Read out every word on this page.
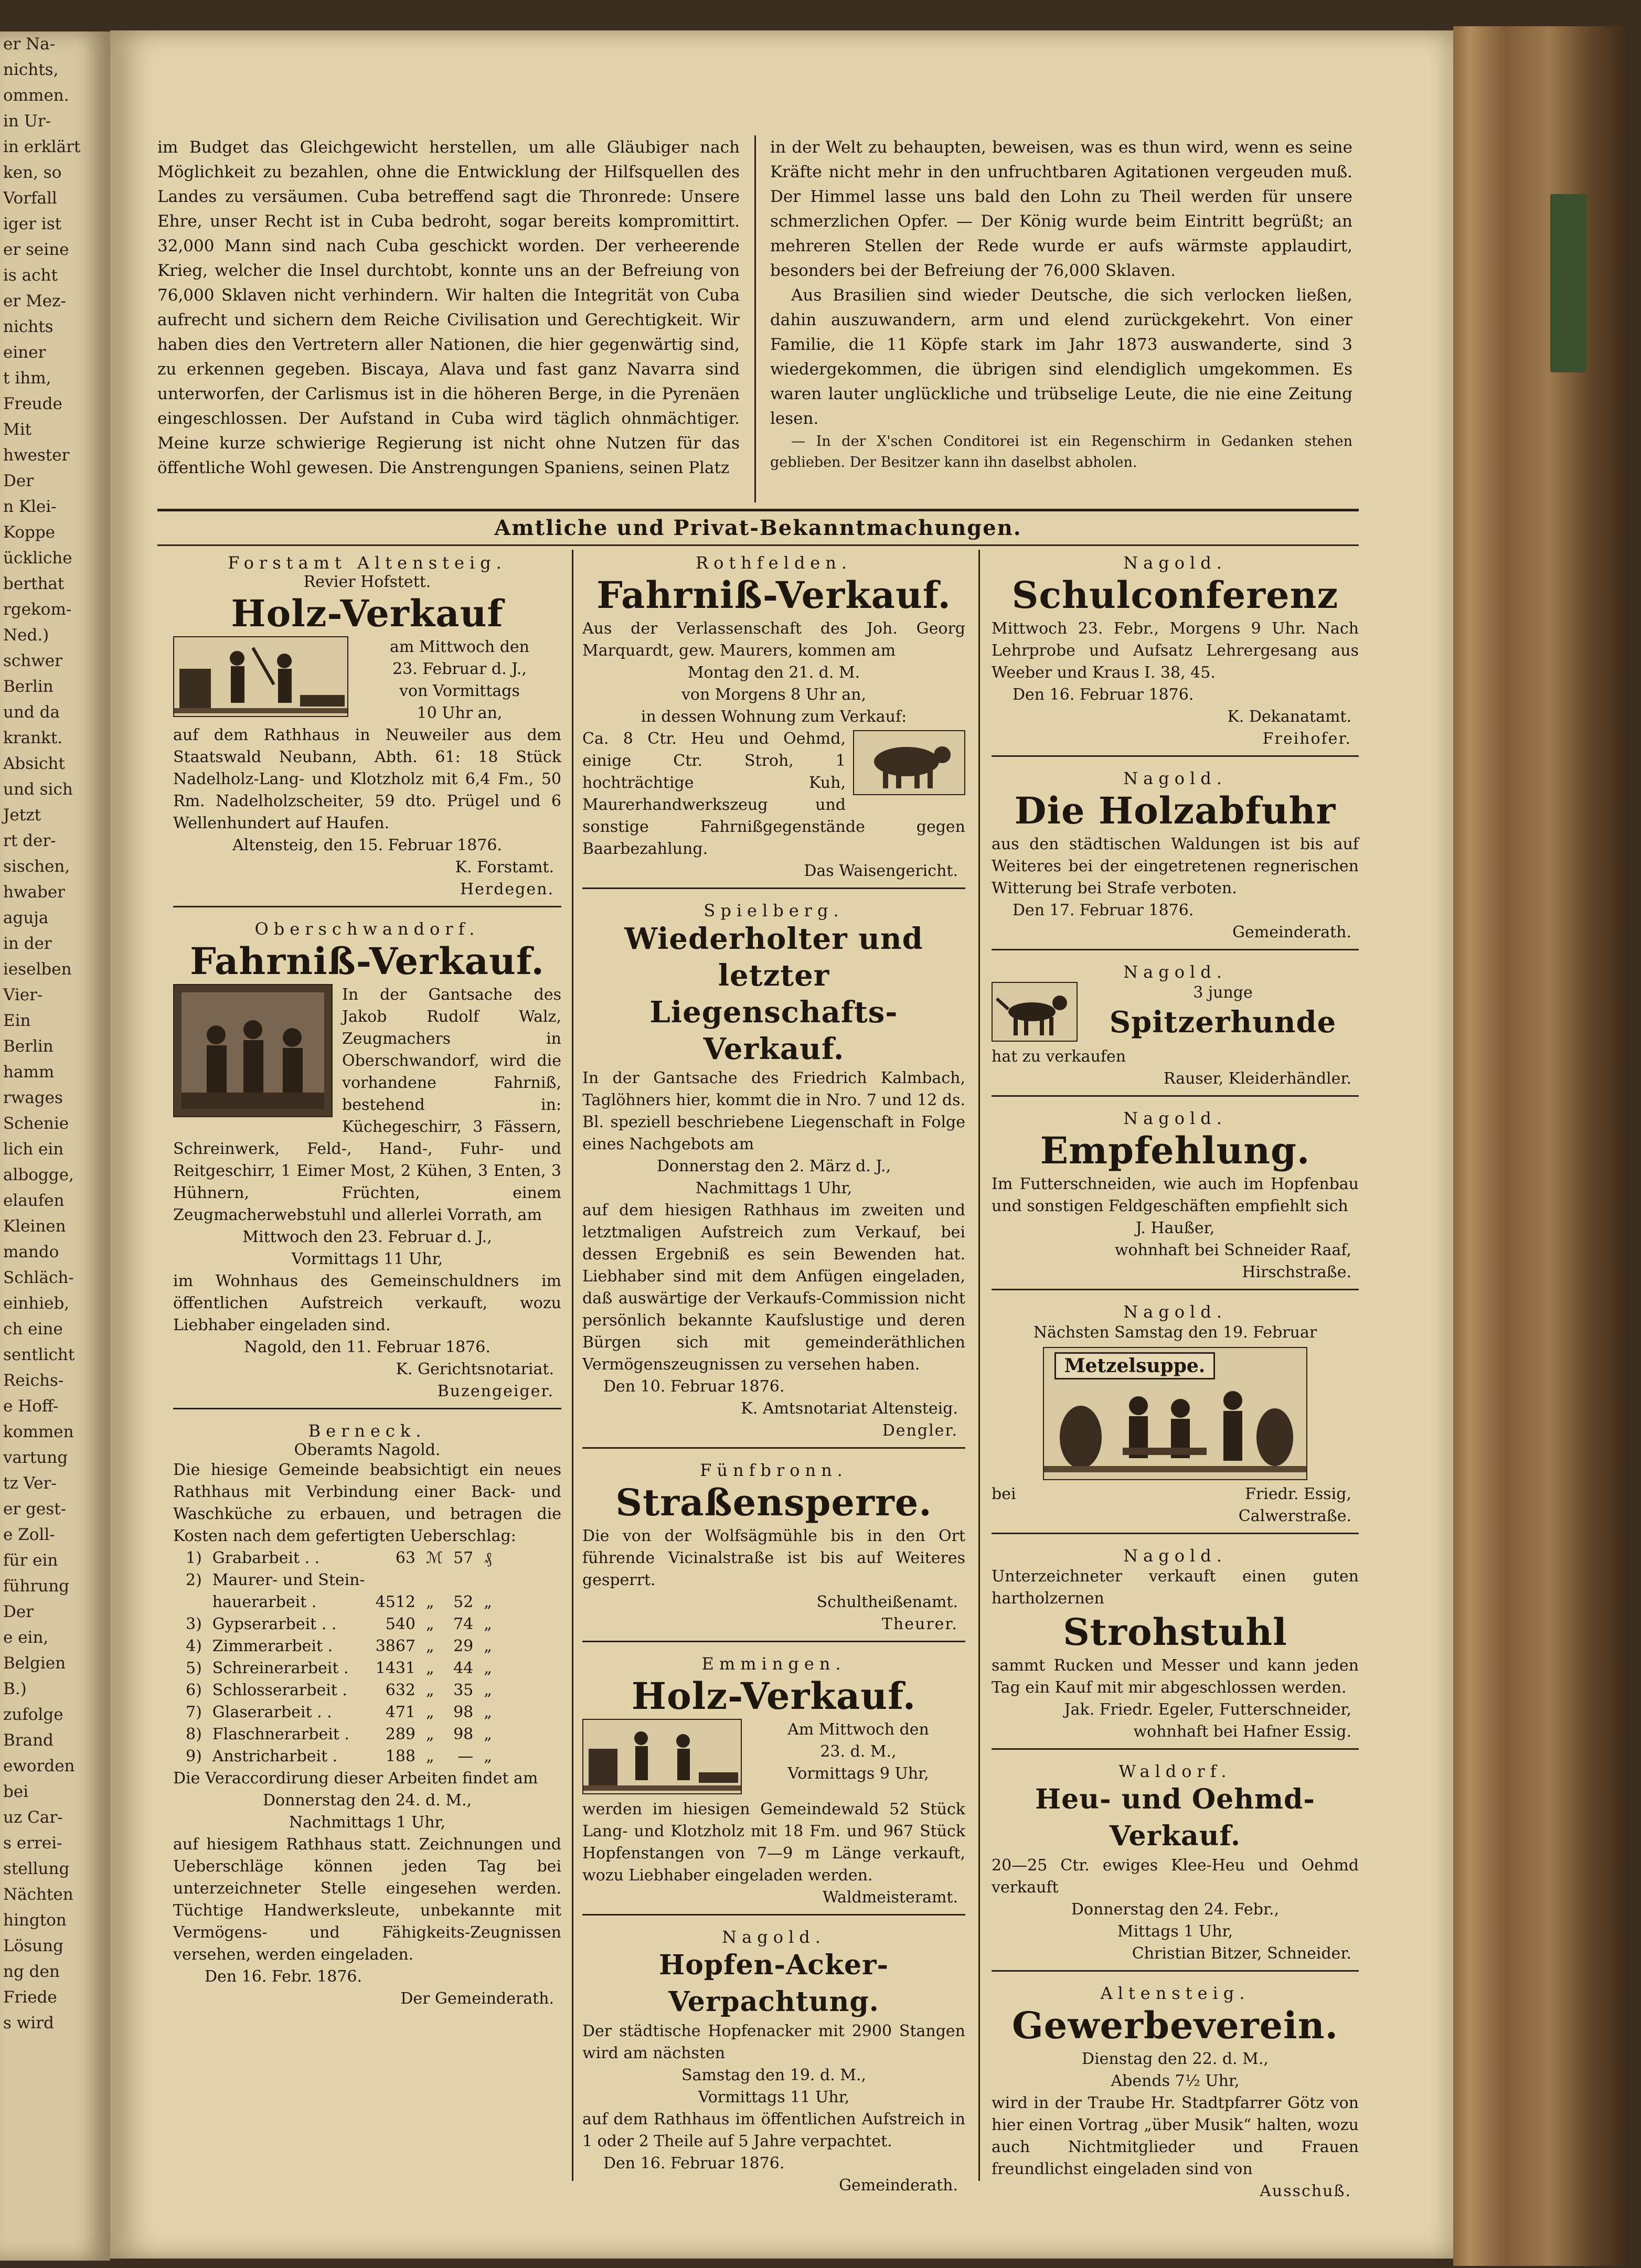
er Na-
nichts,
ommen.
in Ur-
in erklärt
ken, so
Vorfall
iger ist
er seine
is acht
er Mez-
nichts
einer
t ihm,
Freude
Mit
hwester
Der
n Klei-
Koppe
ückliche
berthat
rgekom-
Ned.)
schwer
Berlin
und da
krankt.
Absicht
und sich
Jetzt
rt der-
sischen,
hwaber
aguja
in der
ieselben
Vier-
Ein
Berlin
hamm
rwages
Schenie
lich ein
albogge,
elaufen
Kleinen
mando
Schläch-
einhieb,
ch eine
sentlicht
Reichs-
e Hoff-
kommen
vartung
tz Ver-
er gest-
e Zoll-
für ein
führung
Der
e ein,
Belgien
B.)
zufolge
Brand
eworden
bei
uz Car-
s errei-
stellung
Nächten
hington
Lösung
ng den
Friede
s wird

im Budget das Gleichgewicht herstellen, um alle Gläubiger nach Möglichkeit zu bezahlen, ohne die Entwicklung der Hilfsquellen des Landes zu versäumen. Cuba betreffend sagt die Thronrede: Unsere Ehre, unser Recht ist in Cuba bedroht, sogar bereits kompromittirt. 32,000 Mann sind nach Cuba geschickt worden. Der verheerende Krieg, welcher die Insel durchtobt, konnte uns an der Befreiung von 76,000 Sklaven nicht verhindern. Wir halten die Integrität von Cuba aufrecht und sichern dem Reiche Civilisation und Gerechtigkeit. Wir haben dies den Vertretern aller Nationen, die hier gegenwärtig sind, zu erkennen gegeben. Biscaya, Alava und fast ganz Navarra sind unterworfen, der Carlismus ist in die höheren Berge, in die Pyrenäen eingeschlossen. Der Aufstand in Cuba wird täglich ohnmächtiger. Meine kurze schwierige Regierung ist nicht ohne Nutzen für das öffentliche Wohl gewesen. Die Anstrengungen Spaniens, seinen Platz

in der Welt zu behaupten, beweisen, was es thun wird, wenn es seine Kräfte nicht mehr in den unfruchtbaren Agitationen vergeuden muß. Der Himmel lasse uns bald den Lohn zu Theil werden für unsere schmerzlichen Opfer. — Der König wurde beim Eintritt begrüßt; an mehreren Stellen der Rede wurde er aufs wärmste applaudirt, besonders bei der Befreiung der 76,000 Sklaven.

Aus Brasilien sind wieder Deutsche, die sich verlocken ließen, dahin auszuwandern, arm und elend zurückgekehrt. Von einer Familie, die 11 Köpfe stark im Jahr 1873 auswanderte, sind 3 wiedergekommen, die übrigen sind elendiglich umgekommen. Es waren lauter unglückliche und trübselige Leute, die nie eine Zeitung lesen.

— In der X'schen Conditorei ist ein Regenschirm in Gedanken stehen geblieben. Der Besitzer kann ihn daselbst abholen.

Amtliche und Privat-Bekanntmachungen.
Forstamt Altensteig.
Revier Hofstett.
Holz-Verkauf
am Mittwoch den
23. Februar d. J.,
von Vormittags
10 Uhr an,
auf dem Rathhaus in Neuweiler aus dem Staatswald Neubann, Abth. 61: 18 Stück Nadelholz-Lang- und Klotzholz mit 6,4 Fm., 50 Rm. Nadelholzscheiter, 59 dto. Prügel und 6 Wellenhundert auf Haufen.
Altensteig, den 15. Februar 1876.
K. Forstamt.
Herdegen.
Oberschwandorf.
Fahrniß-Verkauf.
In der Gantsache des Jakob Rudolf Walz, Zeugmachers in Oberschwandorf, wird die vorhandene Fahrniß, bestehend in: Küchegeschirr, 3 Fässern, Schreinwerk, Feld-, Hand-, Fuhr- und Reitgeschirr, 1 Eimer Most, 2 Kühen, 3 Enten, 3 Hühnern, Früchten, einem Zeugmacherwebstuhl und allerlei Vorrath, am
Mittwoch den 23. Februar d. J.,
Vormittags 11 Uhr,
im Wohnhaus des Gemeinschuldners im öffentlichen Aufstreich verkauft, wozu Liebhaber eingeladen sind.
Nagold, den 11. Februar 1876.
K. Gerichtsnotariat.
Buzengeiger.
Berneck.
Oberamts Nagold.
Die hiesige Gemeinde beabsichtigt ein neues Rathhaus mit Verbindung einer Back- und Waschküche zu erbauen, und betragen die Kosten nach dem gefertigten Ueberschlag:
1)	Grabarbeit . .	63	ℳ	57	₰
2)	Maurer- und Stein-				
	hauerarbeit .	4512	„	52	„
3)	Gypserarbeit . .	540	„	74	„
4)	Zimmerarbeit .	3867	„	29	„
5)	Schreinerarbeit .	1431	„	44	„
6)	Schlosserarbeit .	632	„	35	„
7)	Glaserarbeit . .	471	„	98	„
8)	Flaschnerarbeit .	289	„	98	„
9)	Anstricharbeit .	188	„	—	„
Die Veraccordirung dieser Arbeiten findet am
Donnerstag den 24. d. M.,
Nachmittags 1 Uhr,
auf hiesigem Rathhaus statt. Zeichnungen und Ueberschläge können jeden Tag bei unterzeichneter Stelle eingesehen werden. Tüchtige Handwerksleute, unbekannte mit Vermögens- und Fähigkeits-Zeugnissen versehen, werden eingeladen.
Den 16. Febr. 1876.
Der Gemeinderath.
Rothfelden.
Fahrniß-Verkauf.
Aus der Verlassenschaft des Joh. Georg Marquardt, gew. Maurers, kommen am
Montag den 21. d. M.
von Morgens 8 Uhr an,
in dessen Wohnung zum Verkauf:
Ca. 8 Ctr. Heu und Oehmd, einige Ctr. Stroh, 1 hochträchtige Kuh, Maurerhandwerkszeug und sonstige Fahrnißgegenstände gegen Baarbezahlung.
Das Waisengericht.
Spielberg.
Wiederholter und letzter
Liegenschafts-Verkauf.
In der Gantsache des Friedrich Kalmbach, Taglöhners hier, kommt die in Nro. 7 und 12 ds. Bl. speziell beschriebene Liegenschaft in Folge eines Nachgebots am
Donnerstag den 2. März d. J.,
Nachmittags 1 Uhr,
auf dem hiesigen Rathhaus im zweiten und letztmaligen Aufstreich zum Verkauf, bei dessen Ergebniß es sein Bewenden hat. Liebhaber sind mit dem Anfügen eingeladen, daß auswärtige der Verkaufs-Commission nicht persönlich bekannte Kaufslustige und deren Bürgen sich mit gemeinderäthlichen Vermögenszeugnissen zu versehen haben.
Den 10. Februar 1876.
K. Amtsnotariat Altensteig.
Dengler.
Fünfbronn.
Straßensperre.
Die von der Wolfsägmühle bis in den Ort führende Vicinalstraße ist bis auf Weiteres gesperrt.
Schultheißenamt.
Theurer.
Emmingen.
Holz-Verkauf.
Am Mittwoch den
23. d. M.,
Vormittags 9 Uhr,
werden im hiesigen Gemeindewald 52 Stück Lang- und Klotzholz mit 18 Fm. und 967 Stück Hopfenstangen von 7—9 m Länge verkauft, wozu Liebhaber eingeladen werden.
Waldmeisteramt.
Nagold.
Hopfen-Acker-Verpachtung.
Der städtische Hopfenacker mit 2900 Stangen wird am nächsten
Samstag den 19. d. M.,
Vormittags 11 Uhr,
auf dem Rathhaus im öffentlichen Aufstreich in 1 oder 2 Theile auf 5 Jahre verpachtet.
Den 16. Februar 1876.
Gemeinderath.
Nagold.
Schulconferenz
Mittwoch 23. Febr., Morgens 9 Uhr. Nach Lehrprobe und Aufsatz Lehrergesang aus Weeber und Kraus I. 38, 45.
Den 16. Februar 1876.
K. Dekanatamt.
Freihofer.
Nagold.
Die Holzabfuhr
aus den städtischen Waldungen ist bis auf Weiteres bei der eingetretenen regnerischen Witterung bei Strafe verboten.
Den 17. Februar 1876.
Gemeinderath.
Nagold.
3 junge
Spitzerhunde
hat zu verkaufen
Rauser, Kleiderhändler.
Nagold.
Empfehlung.
Im Futterschneiden, wie auch im Hopfenbau und sonstigen Feldgeschäften empfiehlt sich
J. Haußer,
wohnhaft bei Schneider Raaf,
Hirschstraße.
Nagold.
Nächsten Samstag den 19. Februar
Metzelsuppe.
bei	Friedr. Essig,
Calwerstraße.
Nagold.
Unterzeichneter verkauft einen guten hartholzernen
Strohstuhl
sammt Rucken und Messer und kann jeden Tag ein Kauf mit mir abgeschlossen werden.
Jak. Friedr. Egeler, Futterschneider,
wohnhaft bei Hafner Essig.
Waldorf.
Heu- und Oehmd-Verkauf.
20—25 Ctr. ewiges Klee-Heu und Oehmd verkauft
Donnerstag den 24. Febr.,
Mittags 1 Uhr,
Christian Bitzer, Schneider.
Altensteig.
Gewerbeverein.
Dienstag den 22. d. M.,
Abends 7½ Uhr,
wird in der Traube Hr. Stadtpfarrer Götz von hier einen Vortrag „über Musik“ halten, wozu auch Nichtmitglieder und Frauen freundlichst eingeladen sind von
Ausschuß.
